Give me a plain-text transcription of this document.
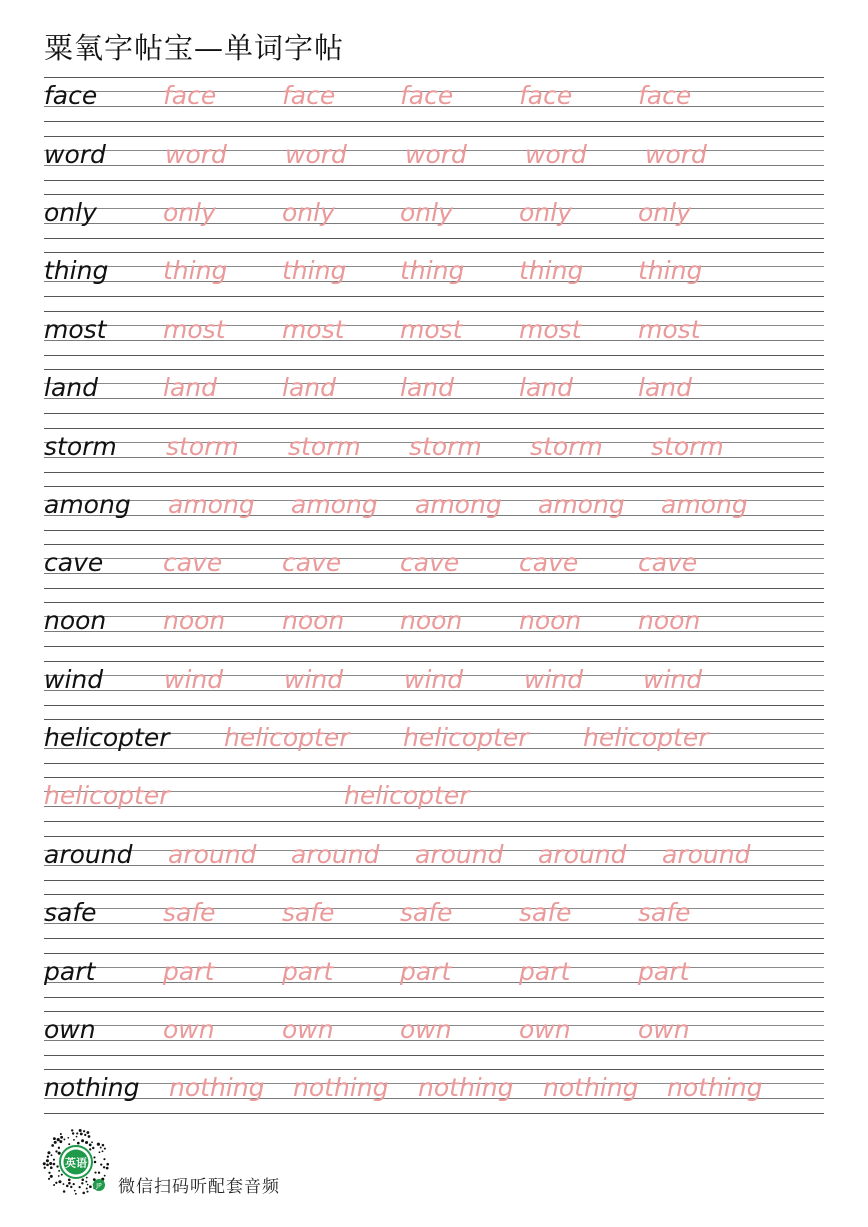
粟氧字帖宝—单词字帖
face	face	face	face	face	face
word word word word word word
only	only	only	only	only	only
thing thing thing thing thing thing
most most most most most most
land	land	land	land	land	land
storm storm storm storm storm storm
among among among among among among
cave cave cave cave cave cave
noon noon noon noon noon noon
wind wind wind wind wind wind
helicopter helicopter helicopter helicopter
helicopter	helicopter
around around around around around around
safe	safe	safe	safe	safe	safe
part	part	part	part	part	part
own	own	own	own	own	own
nothing nothing nothing nothing nothing nothing
英语
JP 微信扫码听配套音频
